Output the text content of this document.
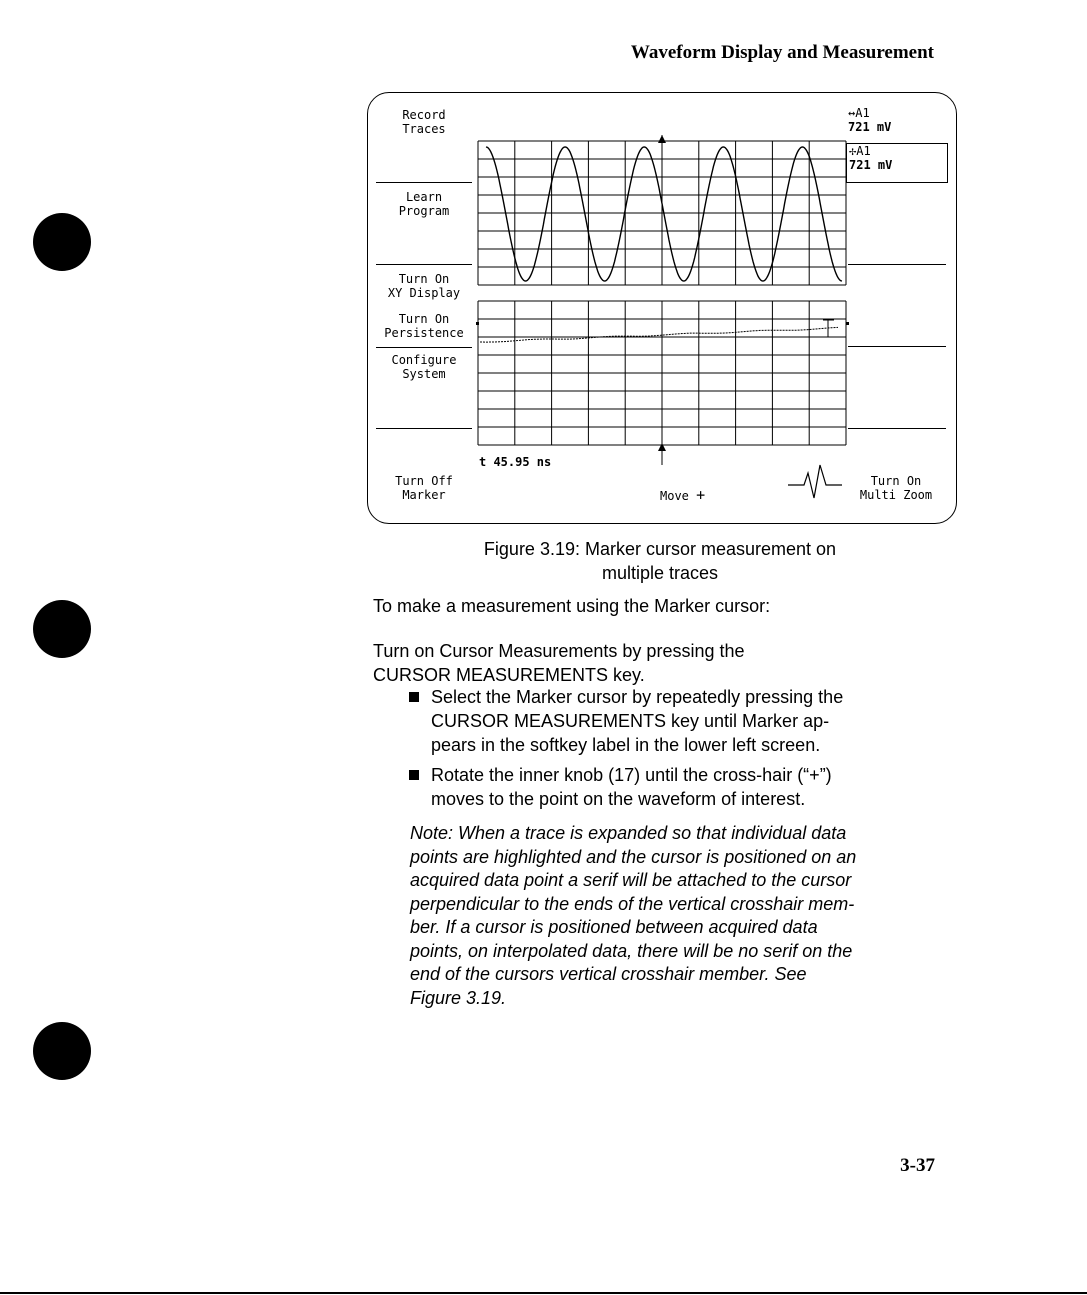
Waveform Display and Measurement
Record
Traces
Learn
Program
Turn On
XY Display
Turn On
Persistence
Configure
System
Turn Off
Marker
Turn On
Multi Zoom
↔A1
721 mV
✢A1
721 mV
t 45.95 ns
Move +
Figure 3.19: Marker cursor measurement on
multiple traces
To make a measurement using the Marker cursor:
Turn on Cursor Measurements by pressing the
CURSOR MEASUREMENTS key.
Select the Marker cursor by repeatedly pressing the
CURSOR MEASUREMENTS key until Marker ap-
pears in the softkey label in the lower left screen.
Rotate the inner knob (17) until the cross-hair (“+”)
moves to the point on the waveform of interest.
Note: When a trace is expanded so that individual data
points are highlighted and the cursor is positioned on an
acquired data point a serif will be attached to the cursor
perpendicular to the ends of the vertical crosshair mem-
ber. If a cursor is positioned between acquired data
points, on interpolated data, there will be no serif on the
end of the cursors vertical crosshair member. See
Figure 3.19.
3-37
